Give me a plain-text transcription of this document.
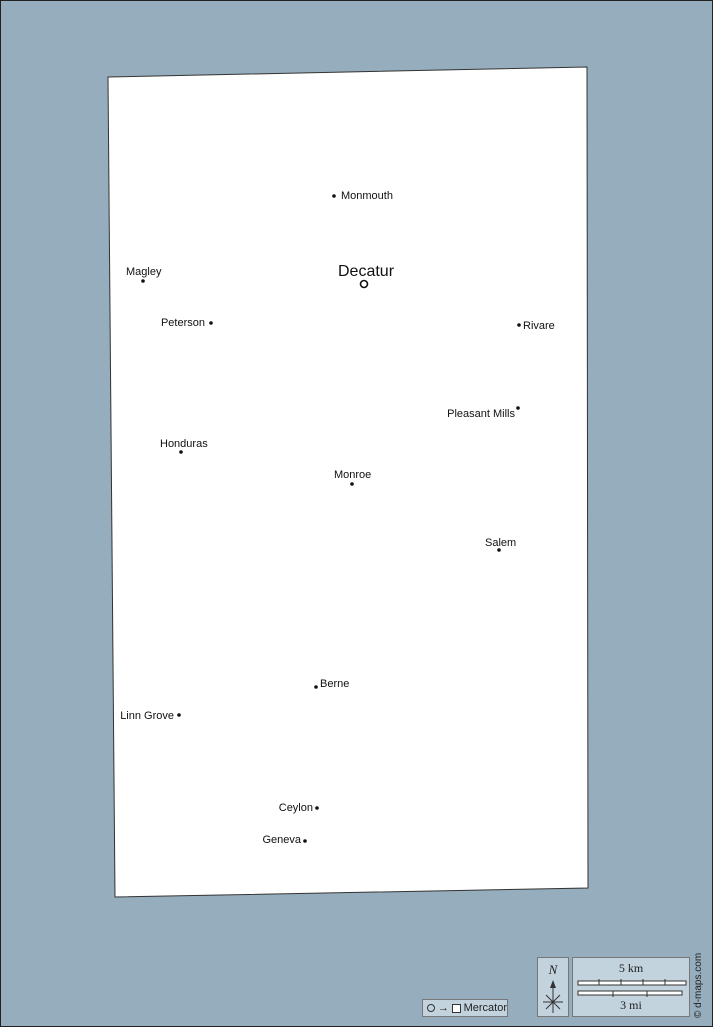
Decatur
Monmouth
Magley
Peterson	Rivare
Pleasant Mills
Honduras
Monroe
Salem
Berne
Linn Grove
Ceylon
Geneva
→ Mercator
N	5 km
3 mi	© d-maps.com
